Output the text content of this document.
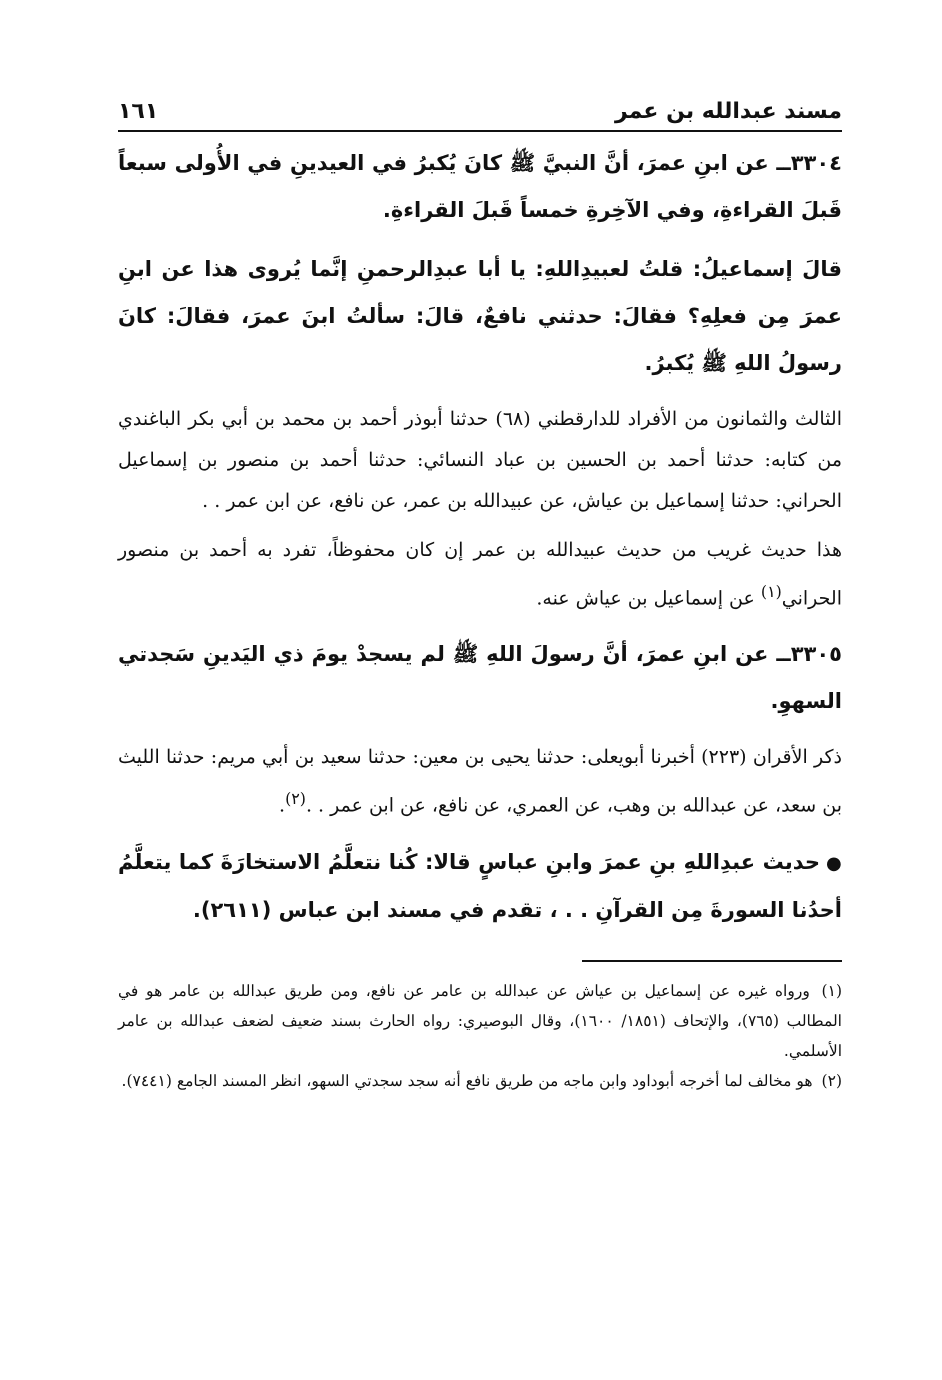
مسند عبدالله بن عمر
١٦١

٣٣٠٤ــ عن ابنِ عمرَ، أنَّ النبيَّ ﷺ كانَ يُكبرُ في العيدينِ في الأُولى سبعاً قَبلَ القراءةِ، وفي الآخِرةِ خمساً قَبلَ القراءةِ.

قالَ إسماعيلُ: قلتُ لعبيدِاللهِ: يا أبا عبدِالرحمنِ إنَّما يُروى هذا عن ابنِ عمرَ مِن فعلِهِ؟ فقالَ: حدثني نافعٌ، قالَ: سألتُ ابنَ عمرَ، فقالَ: كانَ رسولُ اللهِ ﷺ يُكبرُ.

الثالث والثمانون من الأفراد للدارقطني (٦٨) حدثنا أبوذر أحمد بن محمد بن أبي بكر الباغندي من كتابه: حدثنا أحمد بن الحسين بن عباد النسائي: حدثنا أحمد بن منصور بن إسماعيل الحراني: حدثنا إسماعيل بن عياش، عن عبيدالله بن عمر، عن نافع، عن ابن عمر . .

هذا حديث غريب من حديث عبيدالله بن عمر إن كان محفوظاً، تفرد به أحمد بن منصور الحراني$^{(١)}$ عن إسماعيل بن عياش عنه.

٣٣٠٥ــ عن ابنِ عمرَ، أنَّ رسولَ اللهِ ﷺ لم يسجدْ يومَ ذي اليَدينِ سَجدتي السهوِ.

ذكر الأقران (٢٢٣) أخبرنا أبويعلى: حدثنا يحيى بن معين: حدثنا سعيد بن أبي مريم: حدثنا الليث بن سعد، عن عبدالله بن وهب، عن العمري، عن نافع، عن ابن عمر . .$^{(٢)}$.

●حديث عبدِاللهِ بنِ عمرَ وابنِ عباسٍ قالا: كُنا نتعلَّمُ الاستخارَةَ كما يتعلَّمُ أحدُنا السورةَ مِن القرآنِ . . ، تقدم في مسند ابن عباس (٢٦١١).

(١) ورواه غيره عن إسماعيل بن عياش عن عبدالله بن عامر عن نافع، ومن طريق عبدالله بن عامر هو في المطالب (٧٦٥)، والإتحاف (١٨٥١/ ١٦٠٠)، وقال البوصيري: رواه الحارث بسند ضعيف لضعف عبدالله بن عامر الأسلمي.

(٢) هو مخالف لما أخرجه أبوداود وابن ماجه من طريق نافع أنه سجد سجدتي السهو، انظر المسند الجامع (٧٤٤١).
